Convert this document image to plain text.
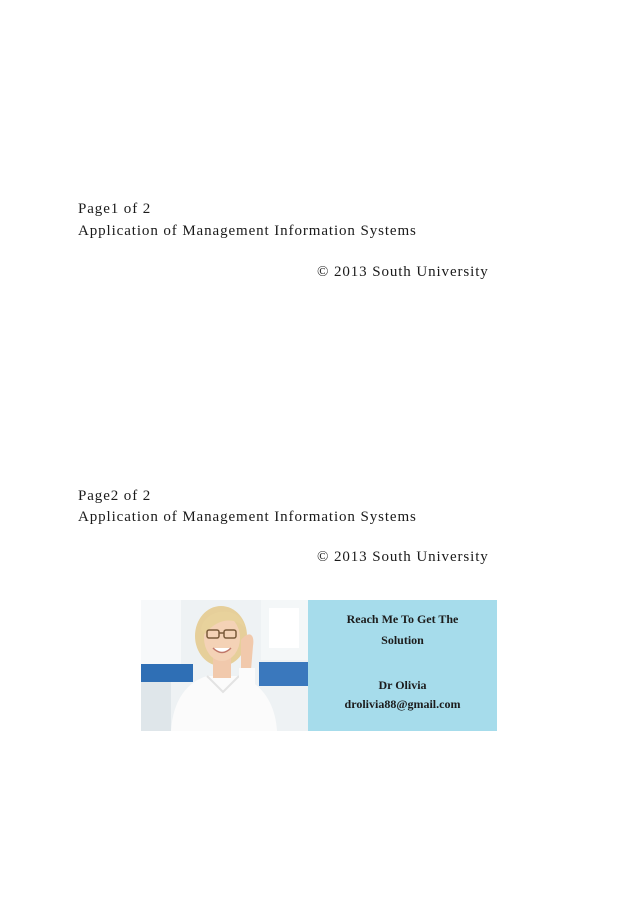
Page1 of 2
Application of Management Information Systems
© 2013 South University
Page2 of 2
Application of Management Information Systems
© 2013 South University
Reach Me To Get The
Solution
Dr Olivia
drolivia88@gmail.com
